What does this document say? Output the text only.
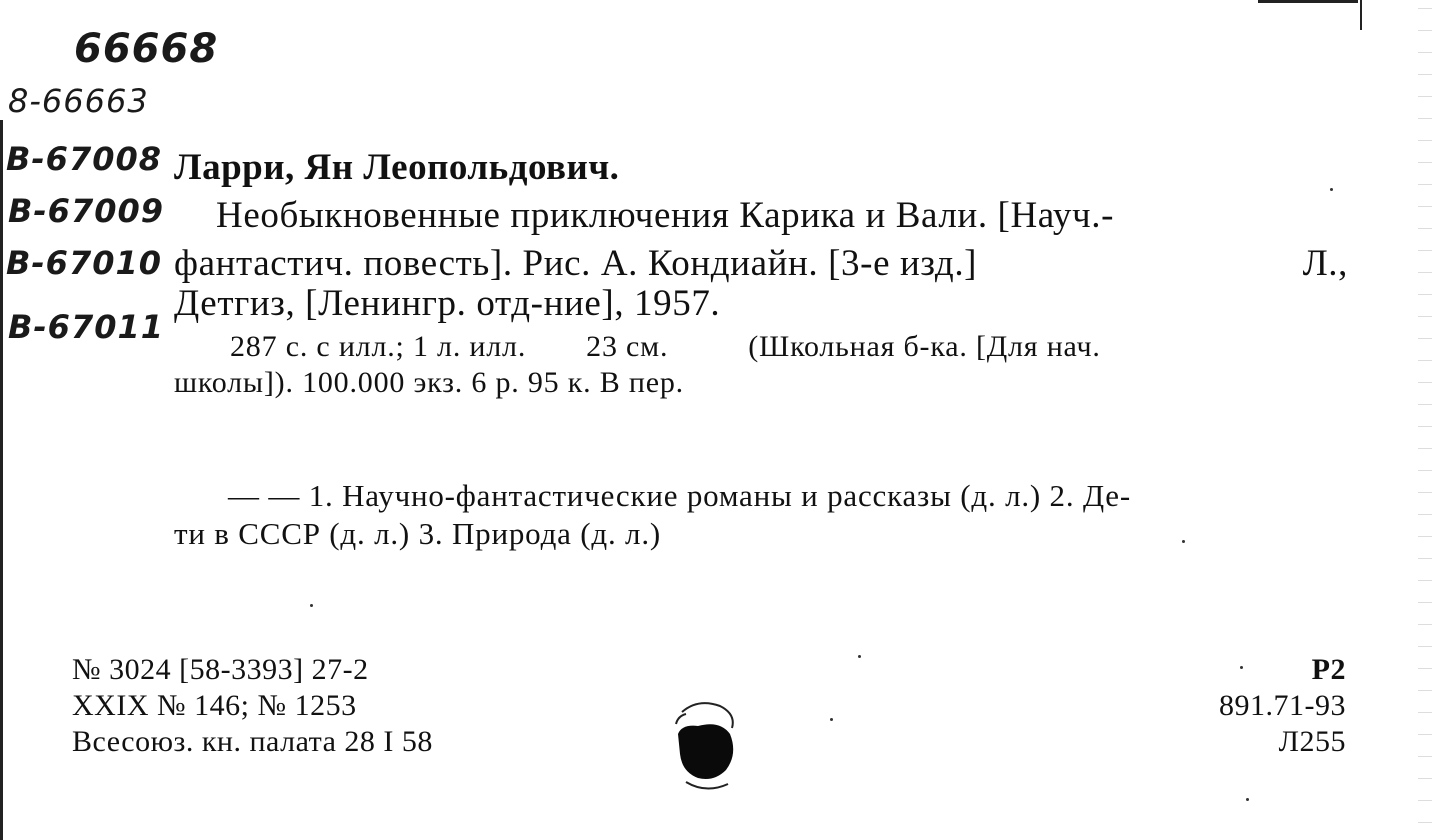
66668
8-66663
B-67008
B-67009
B-67010
B-67011
Ларри, Ян Леопольдович.
Необыкновенные приключения Карика и Вали. [Науч.-
фантастич. повесть]. Рис. А. Кондиайн. [3-е изд.]	Л.,
Детгиз, [Ленингр. отд-ние], 1957.
287 с. с илл.; 1 л. илл. 23 см.	(Школьная б-ка. [Для нач.
школы]). 100.000 экз. 6 р. 95 к. В пер.
— — 1. Научно-фантастические романы и рассказы (д. л.) 2. Де-
ти в СССР (д. л.) 3. Природа (д. л.)
№ 3024 [58-3393] 27-2
XXIX № 146; № 1253
Всесоюз. кн. палата 28 I 58
Р2
891.71-93
Л255
